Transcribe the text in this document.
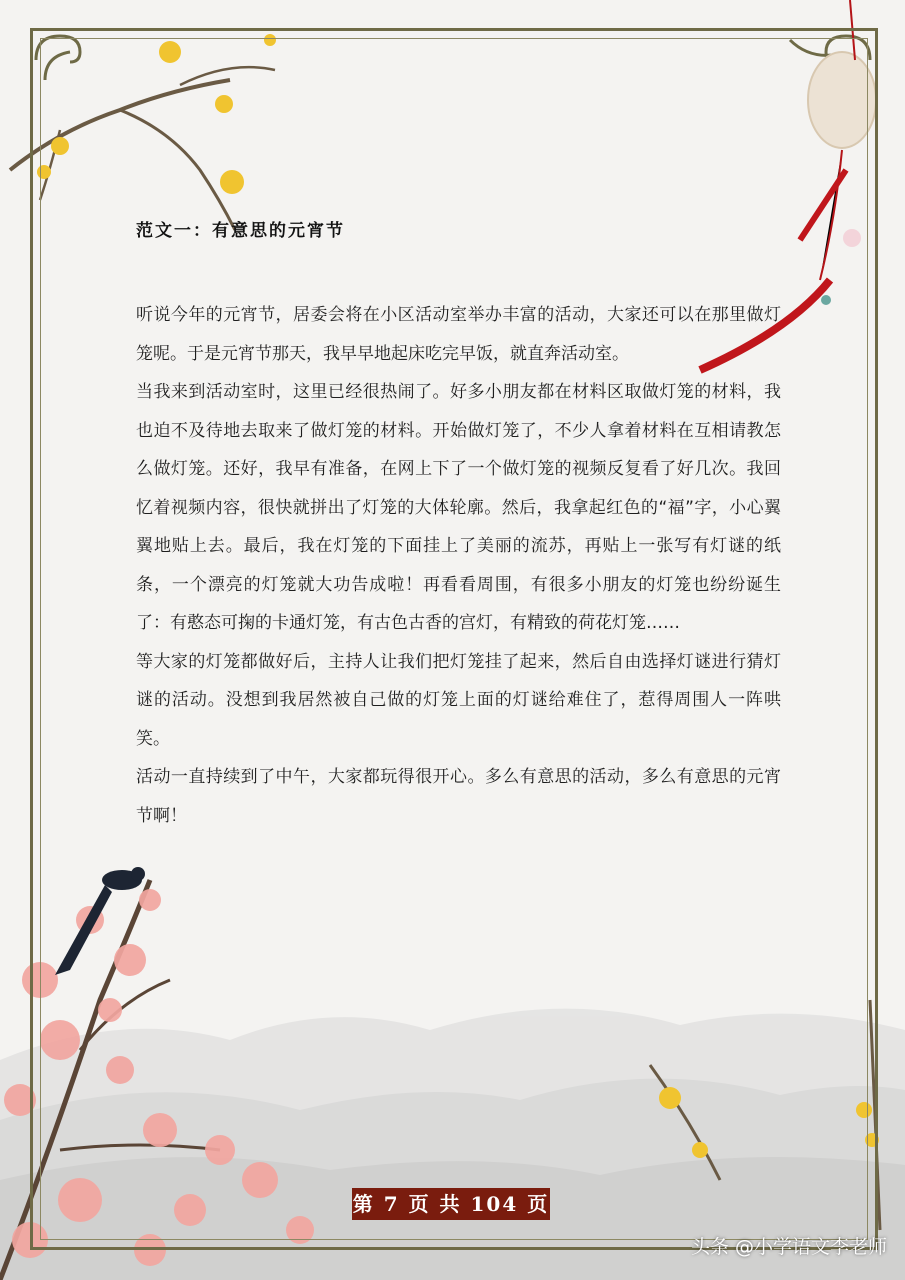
范文一：有意思的元宵节

听说今年的元宵节，居委会将在小区活动室举办丰富的活动，大家还可以在那里做灯笼呢。于是元宵节那天，我早早地起床吃完早饭，就直奔活动室。

当我来到活动室时，这里已经很热闹了。好多小朋友都在材料区取做灯笼的材料，我也迫不及待地去取来了做灯笼的材料。开始做灯笼了，不少人拿着材料在互相请教怎么做灯笼。还好，我早有准备，在网上下了一个做灯笼的视频反复看了好几次。我回忆着视频内容，很快就拼出了灯笼的大体轮廓。然后，我拿起红色的“福”字，小心翼翼地贴上去。最后，我在灯笼的下面挂上了美丽的流苏，再贴上一张写有灯谜的纸条，一个漂亮的灯笼就大功告成啦！再看看周围，有很多小朋友的灯笼也纷纷诞生了：有憨态可掬的卡通灯笼，有古色古香的宫灯，有精致的荷花灯笼……

等大家的灯笼都做好后，主持人让我们把灯笼挂了起来，然后自由选择灯谜进行猜灯谜的活动。没想到我居然被自己做的灯笼上面的灯谜给难住了，惹得周围人一阵哄笑。

活动一直持续到了中午，大家都玩得很开心。多么有意思的活动，多么有意思的元宵节啊！

第 7 页 共 104 页
头条 @小学语文李老师
